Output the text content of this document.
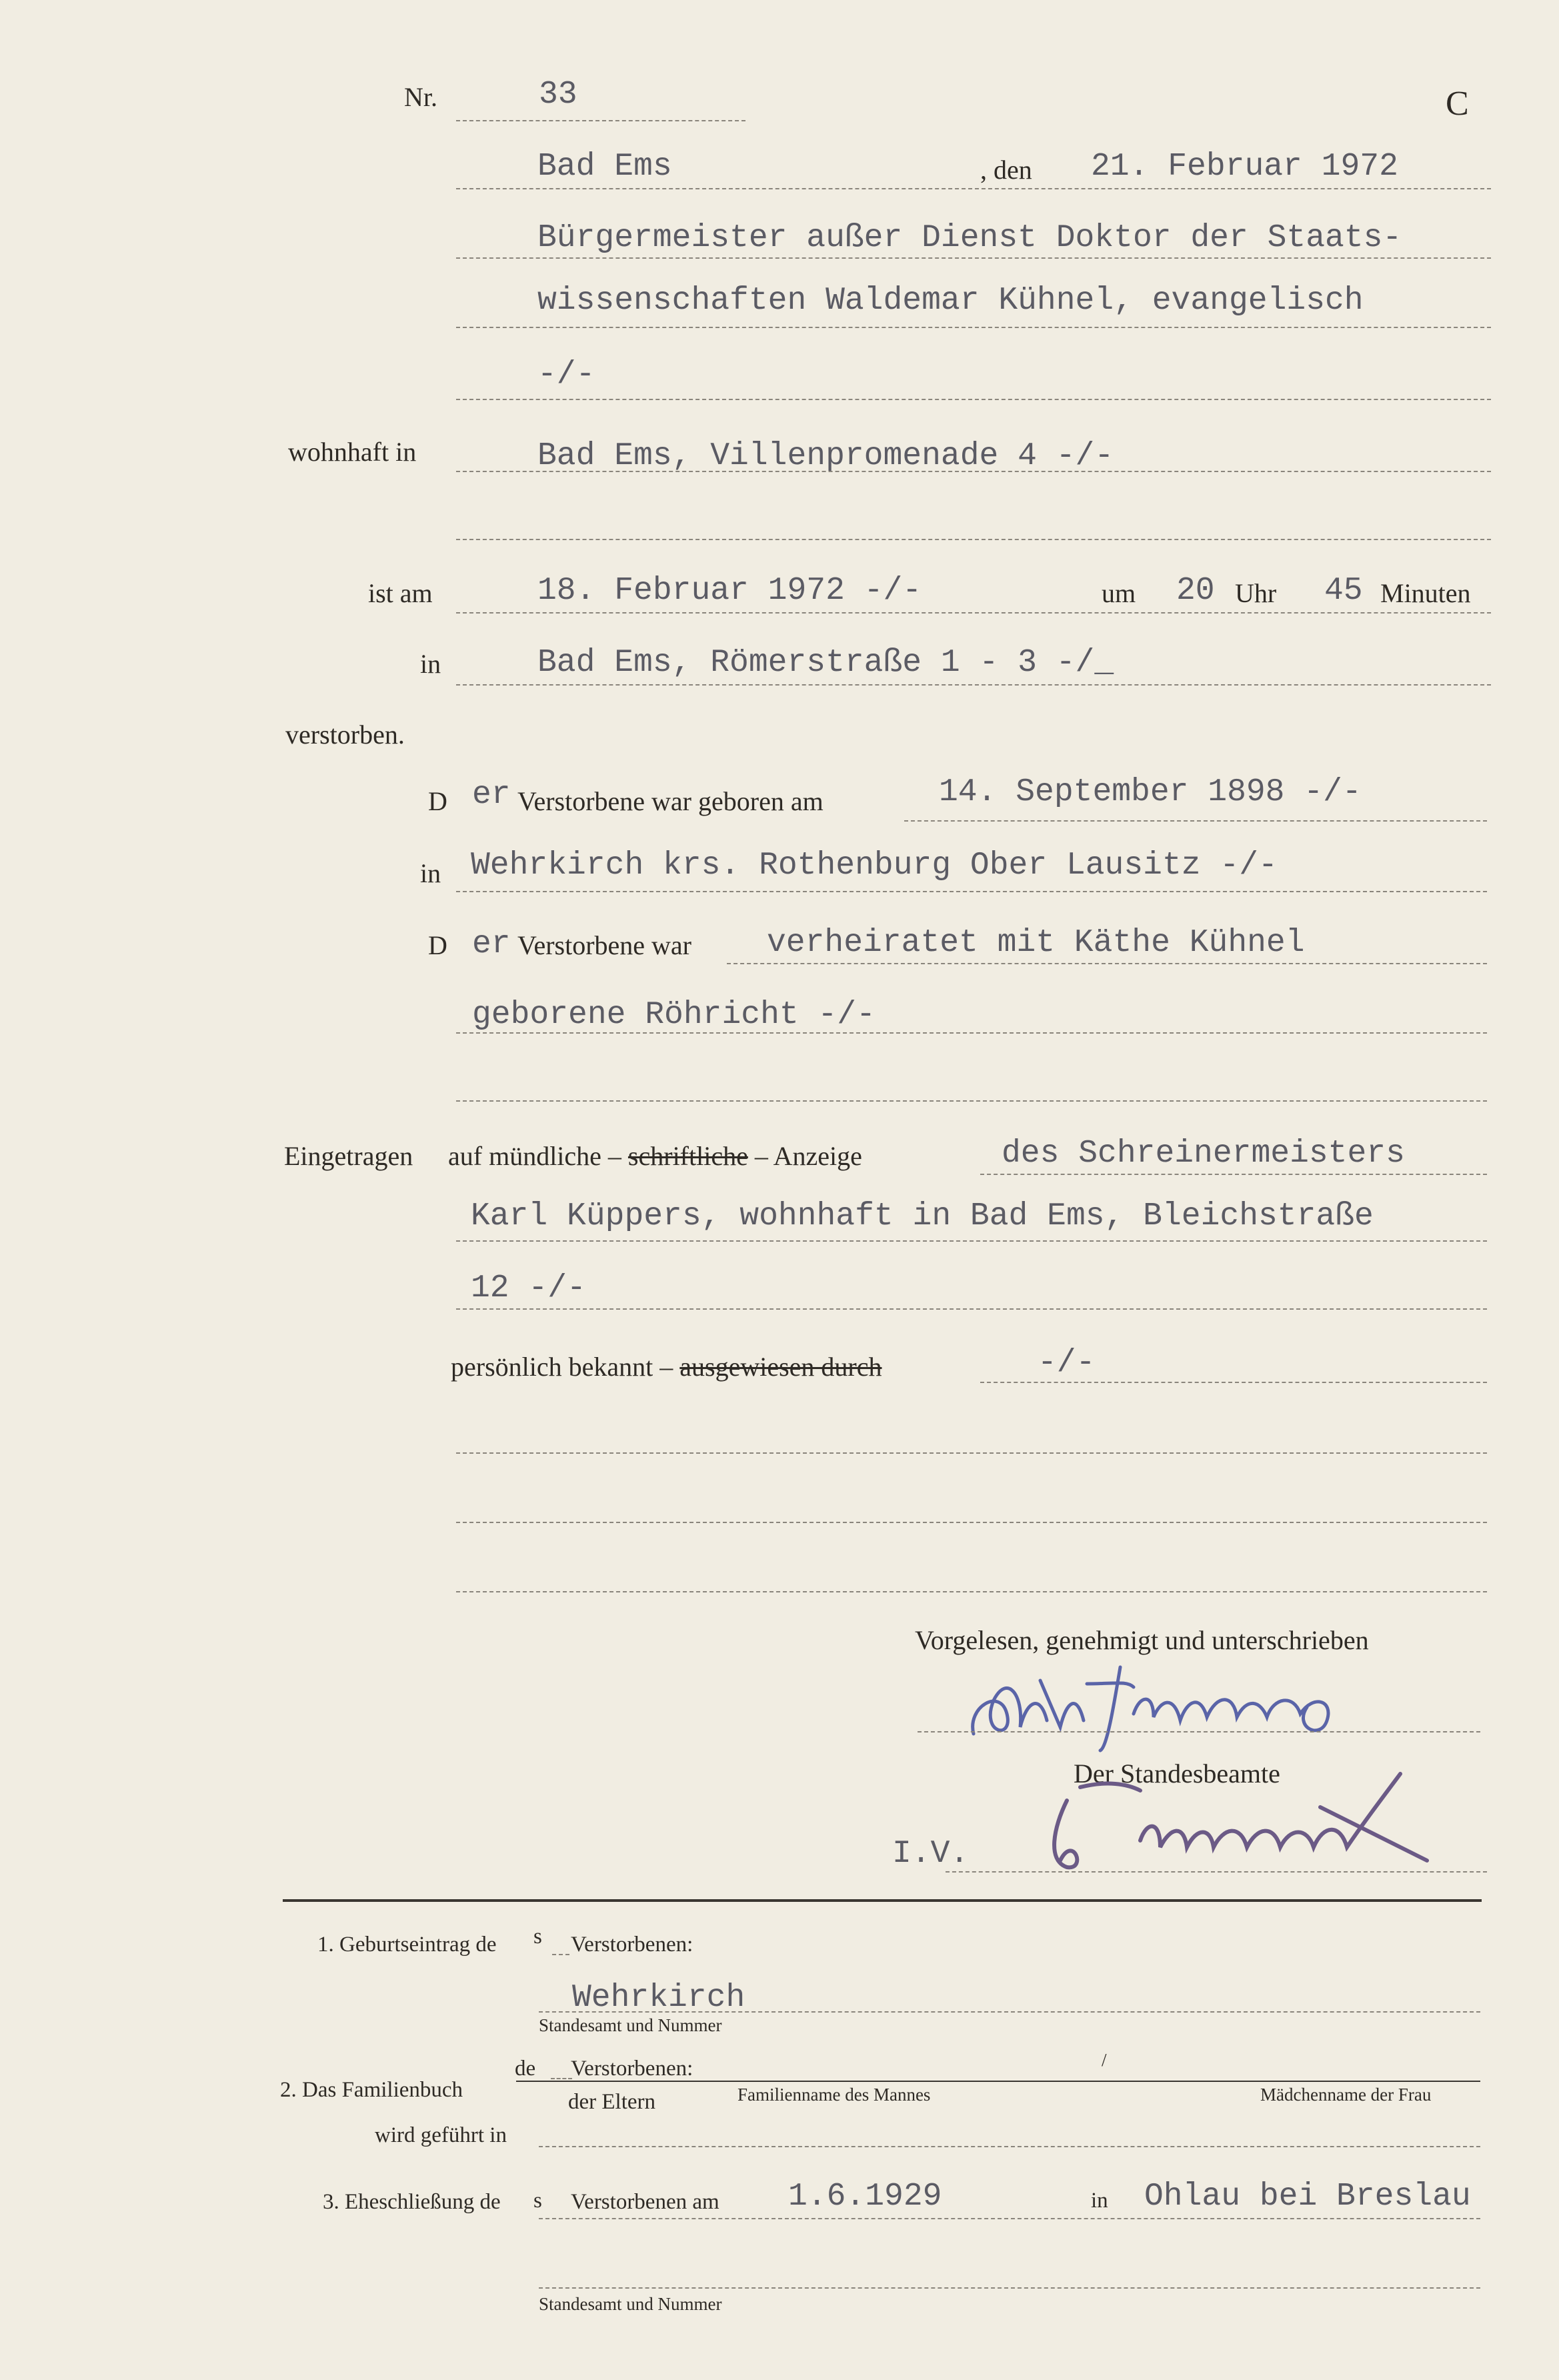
Nr.	33	C
Bad Ems	, den 21. Februar 1972
Bürgermeister außer Dienst Doktor der Staats-
wissenschaften Waldemar Kühnel, evangelisch
-/-
wohnhaft in	Bad Ems, Villenpromenade 4 -/-
ist am	18. Februar 1972 -/-	um 20 Uhr 45 Minuten
in	Bad Ems, Römerstraße 1 - 3 -/_
verstorben.
D er Verstorbene war geboren am	14. September 1898 -/-
in Wehrkirch krs. Rothenburg Ober Lausitz -/-
D er Verstorbene war verheiratet mit Käthe Kühnel
geborene Röhricht -/-
Eingetragen auf mündliche – schriftliche – Anzeige	des Schreinermeisters
Karl Küppers, wohnhaft in Bad Ems, Bleichstraße
12 -/-
persönlich bekannt – ausgewiesen durch	-/-
Vorgelesen, genehmigt und unterschrieben
Der Standesbeamte
I.V.
1. Geburtseintrag de s Verstorbenen:
Wehrkirch
Standesamt und Nummer
2. Das Familienbuch
de Verstorbenen:	/
der Eltern	Familienname des Mannes	Mädchenname der Frau
wird geführt in
3. Eheschließung de s Verstorbenen am 1.6.1929	in Ohlau bei Breslau
Standesamt und Nummer
